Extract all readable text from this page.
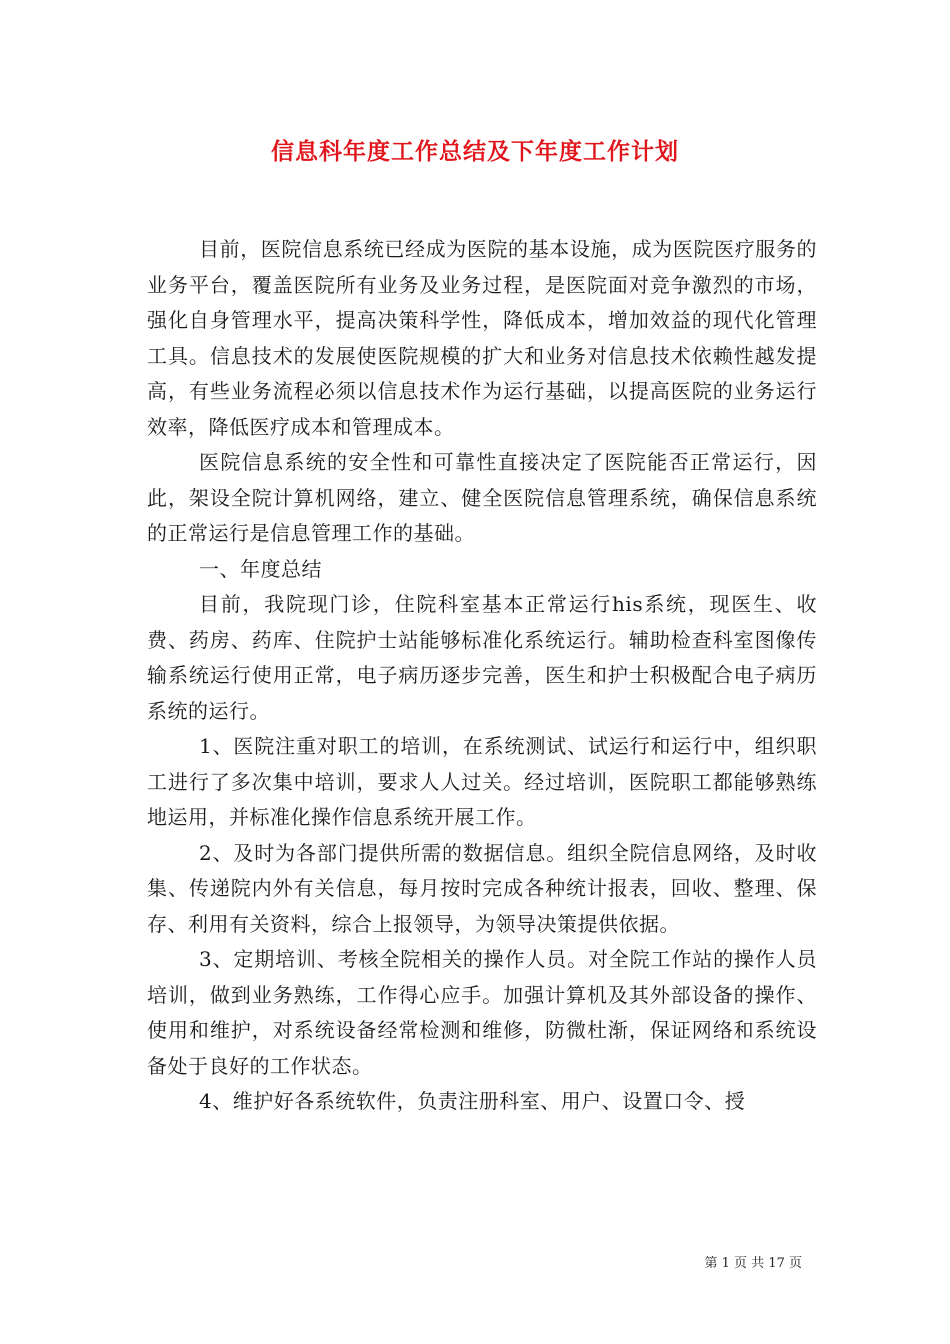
信息科年度工作总结及下年度工作计划

目前，医院信息系统已经成为医院的基本设施，成为医院医疗服务的业务平台，覆盖医院所有业务及业务过程，是医院面对竞争激烈的市场，强化自身管理水平，提高决策科学性，降低成本，增加效益的现代化管理工具。信息技术的发展使医院规模的扩大和业务对信息技术依赖性越发提高，有些业务流程必须以信息技术作为运行基础，以提高医院的业务运行效率，降低医疗成本和管理成本。

医院信息系统的安全性和可靠性直接决定了医院能否正常运行，因此，架设全院计算机网络，建立、健全医院信息管理系统，确保信息系统的正常运行是信息管理工作的基础。

一、年度总结

目前，我院现门诊，住院科室基本正常运行his系统，现医生、收费、药房、药库、住院护士站能够标准化系统运行。辅助检查科室图像传输系统运行使用正常，电子病历逐步完善，医生和护士积极配合电子病历系统的运行。

1、医院注重对职工的培训，在系统测试、试运行和运行中，组织职工进行了多次集中培训，要求人人过关。经过培训，医院职工都能够熟练地运用，并标准化操作信息系统开展工作。

2、及时为各部门提供所需的数据信息。组织全院信息网络，及时收集、传递院内外有关信息，每月按时完成各种统计报表，回收、整理、保存、利用有关资料，综合上报领导，为领导决策提供依据。

3、定期培训、考核全院相关的操作人员。对全院工作站的操作人员培训，做到业务熟练，工作得心应手。加强计算机及其外部设备的操作、使用和维护，对系统设备经常检测和维修，防微杜渐，保证网络和系统设备处于良好的工作状态。

4、维护好各系统软件，负责注册科室、用户、设置口令、授

第 1 页 共 17 页
